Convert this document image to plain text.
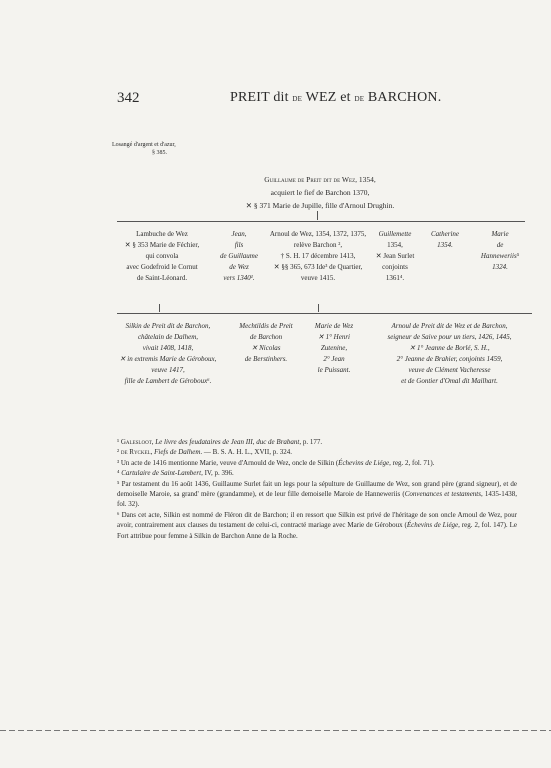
342	PREIT dit de WEZ et de BARCHON.
Losangé d'argent et d'azur,
§ 385.
Guillaume de Preit dit de Wez, 1354,
acquiert le fief de Barchon 1370,
✕ § 371 Marie de Jupille, fille d'Arnoul Drughin.
Lambuche de Wez
✕ § 353 Marie de Féchier,
qui convola
avec Godefroid le Cornut
de Saint-Léonard.
Jean,
fils
de Guillaume
de Wez
vers 1340¹.
Arnoul de Wez, 1354, 1372, 1375,
relève Barchon ²,
† S. H. 17 décembre 1413,
✕ §§ 365, 673 Ide³ de Quartier,
veuve 1415.
Guillemette
1354,
✕ Jean Surlet
conjoints
1361⁴.
Catherine
1354.
Marie
de
Hanneweriis⁵
1324.
Silkin de Preit dit de Barchon,
châtelain de Dalhem,
vivait 1408, 1418,
✕ in extremis Marie de Géroboux,
veuve 1417,
fille de Lambert de Géroboux⁶.
Mechtildis de Preit
de Barchon
✕ Nicolas
de Berstinhers.
Marie de Wez
✕ 1° Henri
Zutenine,
2° Jean
le Puissant.
Arnoul de Preit dit de Wez et de Barchon,
seigneur de Saive pour un tiers, 1426, 1445,
✕ 1° Jeanne de Borlé, S. H.,
2° Jeanne de Brahier, conjoints 1459,
veuve de Clément Vacheresse
et de Gontier d'Omal dit Mailhart.

¹ Galesloot, Le livre des feudataires de Jean III, duc de Brabant, p. 177.

² de Ryckel, Fiefs de Dalhem. — B. S. A. H. L., XVII, p. 324.

³ Un acte de 1416 mentionne Marie, veuve d'Arnould de Wez, oncle de Silkin (Échevins de Liége, reg. 2, fol. 71).

⁴ Cartulaire de Saint-Lambert, IV, p. 396.

⁵ Par testament du 16 août 1436, Guillaume Surlet fait un legs pour la sépulture de Guillaume de Wez, son grand père (grand signeur), et de demoiselle Maroie, sa grand' mère (grandamme), et de leur fille demoiselle Maroie de Hanneweriis (Convenances et testaments, 1435-1438, fol. 32).

⁶ Dans cet acte, Silkin est nommé de Fléron dit de Barchon; il en ressort que Silkin est privé de l'héritage de son oncle Arnoul de Wez, pour avoir, contrairement aux clauses du testament de celui-ci, contracté mariage avec Marie de Géroboux (Échevins de Liége, reg. 2, fol. 147). Le Fort attribue pour femme à Silkin de Barchon Anne de la Roche.
